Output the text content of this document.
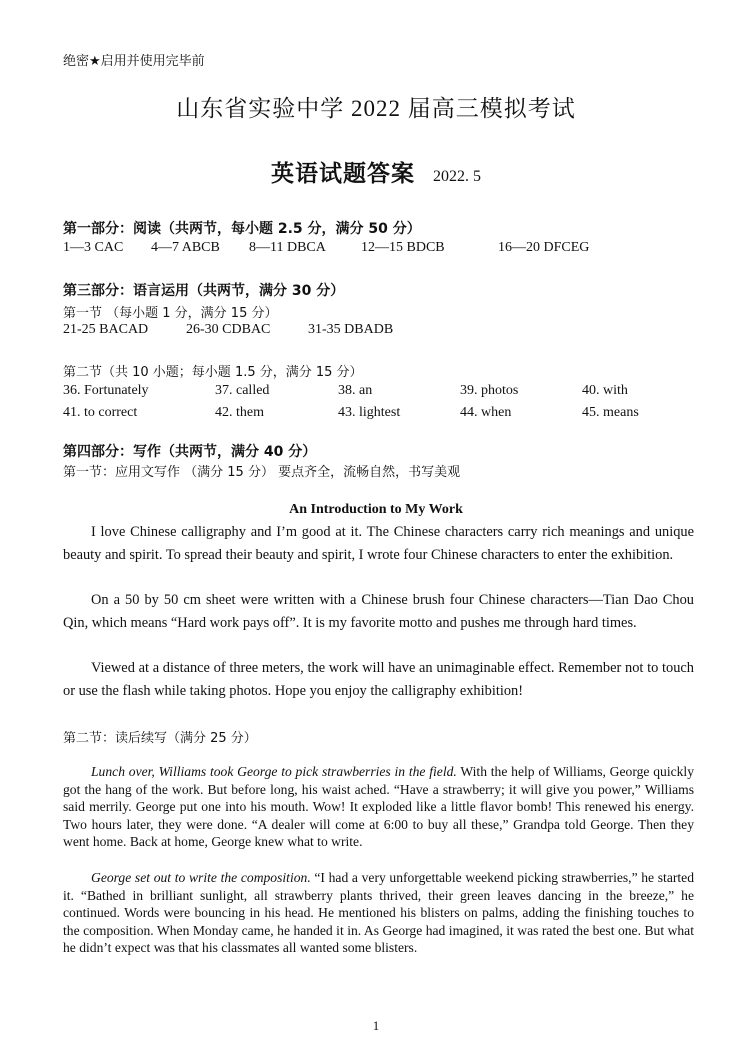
绝密★启用并使用完毕前
山东省实验中学 2022 届高三模拟考试
英语试题答案 2022. 5
第一部分：阅读（共两节，每小题 2.5 分，满分 50 分）
1—3 CAC 4—7 ABCB 8—11 DBCA	12—15 BDCB	16—20 DFCEG
第三部分：语言运用（共两节，满分 30 分）
第一节 （每小题 1 分，满分 15 分）
21-25 BACAD	26-30 CDBAC	31-35 DBADB
第二节（共 10 小题；每小题 1.5 分，满分 15 分）
36. Fortunately	37. called	38. an	39. photos	40. with
41. to correct	42. them	43. lightest	44. when	45. means
第四部分：写作（共两节，满分 40 分）
第一节：应用文写作 （满分 15 分） 要点齐全，流畅自然，书写美观
An Introduction to My Work
I love Chinese calligraphy and I’m good at it. The Chinese characters carry rich meanings and unique beauty and spirit. To spread their beauty and spirit, I wrote four Chinese characters to enter the exhibition.
On a 50 by 50 cm sheet were written with a Chinese brush four Chinese characters—Tian Dao Chou Qin, which means “Hard work pays off”. It is my favorite motto and pushes me through hard times.
Viewed at a distance of three meters, the work will have an unimaginable effect. Remember not to touch or use the flash while taking photos. Hope you enjoy the calligraphy exhibition!
第二节：读后续写（满分 25 分）
Lunch over, Williams took George to pick strawberries in the field. With the help of Williams, George quickly got the hang of the work. But before long, his waist ached. “Have a strawberry; it will give you power,” Williams said merrily. George put one into his mouth. Wow! It exploded like a little flavor bomb! This renewed his energy. Two hours later, they were done. “A dealer will come at 6:00 to buy all these,” Grandpa told George. Then they went home. Back at home, George knew what to write.
George set out to write the composition. “I had a very unforgettable weekend picking strawberries,” he started it. “Bathed in brilliant sunlight, all strawberry plants thrived, their green leaves dancing in the breeze,” he continued. Words were bouncing in his head. He mentioned his blisters on palms, adding the finishing touches to the composition. When Monday came, he handed it in. As George had imagined, it was rated the best one. But what he didn’t expect was that his classmates all wanted some blisters.
1
